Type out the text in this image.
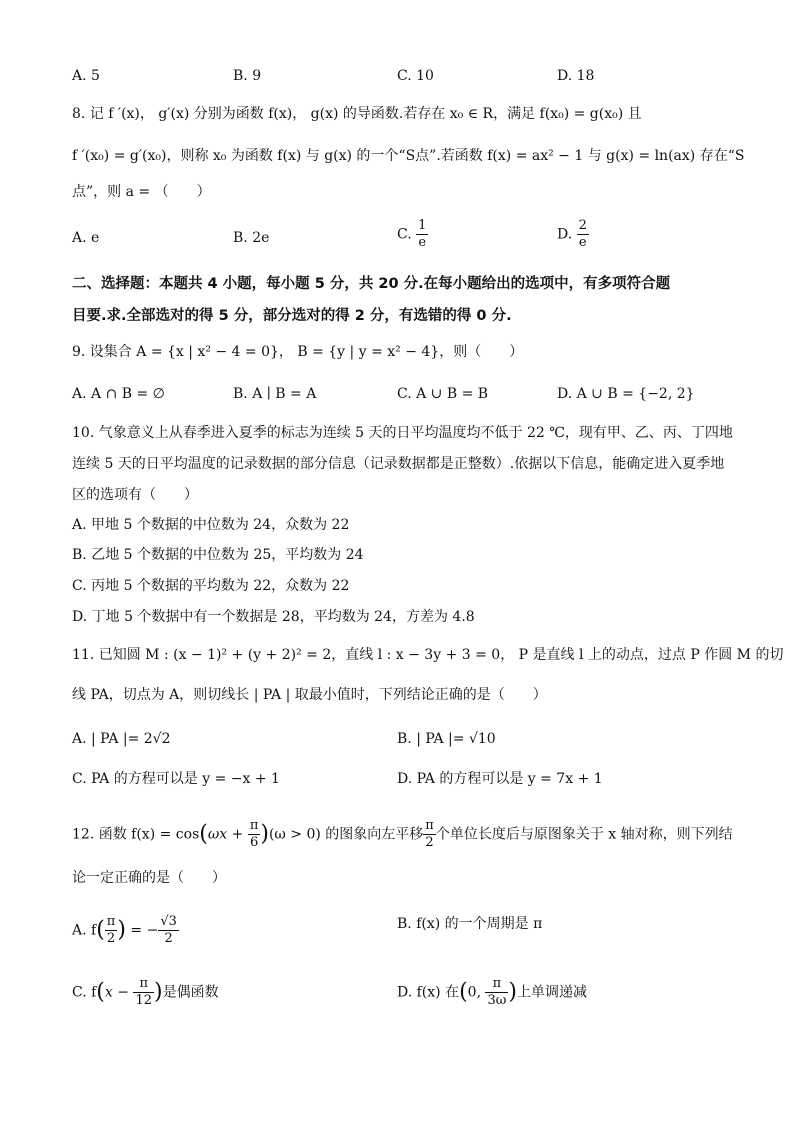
A. 5	B. 9	C. 10	D. 18
8. 记 f ′(x)， g′(x) 分别为函数 f(x)， g(x) 的导函数.若存在 x₀ ∈ R，满足 f(x₀) = g(x₀) 且
f ′(x₀) = g′(x₀)，则称 x₀ 为函数 f(x) 与 g(x) 的一个“S点”.若函数 f(x) = ax² − 1 与 g(x) = ln(ax) 存在“S
点”，则 a = （　　）
A. e	B. 2e	C. $\frac{1}{e}$	D. $\frac{2}{e}$
二、选择题：本题共 4 小题，每小题 5 分，共 20 分.在每小题给出的选项中，有多项符合题
目要.求.全部选对的得 5 分，部分选对的得 2 分，有选错的得 0 分.
9. 设集合 A = {x | x² − 4 = 0}， B = {y | y = x² − 4}，则（　　）
A. A ∩ B = ∅	B. A ∣ B = A	C. A ∪ B = B	D. A ∪ B = {−2, 2}
10. 气象意义上从春季进入夏季的标志为连续 5 天的日平均温度均不低于 22 ℃，现有甲、乙、丙、丁四地
连续 5 天的日平均温度的记录数据的部分信息（记录数据都是正整数）.依据以下信息，能确定进入夏季地
区的选项有（　　）
A. 甲地 5 个数据的中位数为 24，众数为 22
B. 乙地 5 个数据的中位数为 25，平均数为 24
C. 丙地 5 个数据的平均数为 22，众数为 22
D. 丁地 5 个数据中有一个数据是 28，平均数为 24，方差为 4.8
11. 已知圆 M : (x − 1)² + (y + 2)² = 2，直线 l : x − 3y + 3 = 0， P 是直线 l 上的动点，过点 P 作圆 M 的切
线 PA，切点为 A，则切线长 | PA | 取最小值时，下列结论正确的是（　　）
A. | PA |= 2√2	B. | PA |= √10
C. PA 的方程可以是 y = −x + 1	D. PA 的方程可以是 y = 7x + 1
12. 函数 $f(x) = \cos(\omega x + \frac{\pi}{6} )(\omega > 0)$ 的图象向左平移 $\frac{\pi}{2}$ 个单位长度后与原图象关于 x 轴对称，则下列结
论一定正确的是（　　）
A. $f( \frac{\pi}{2}$ ) = − $\frac{√3}{2}$	B. f(x) 的一个周期是 π
C. $f(x - \frac{\pi}{12}$ )是偶函数	D. f(x) 在(0, $\frac{\pi}{3\omega}$ )上单调递减
